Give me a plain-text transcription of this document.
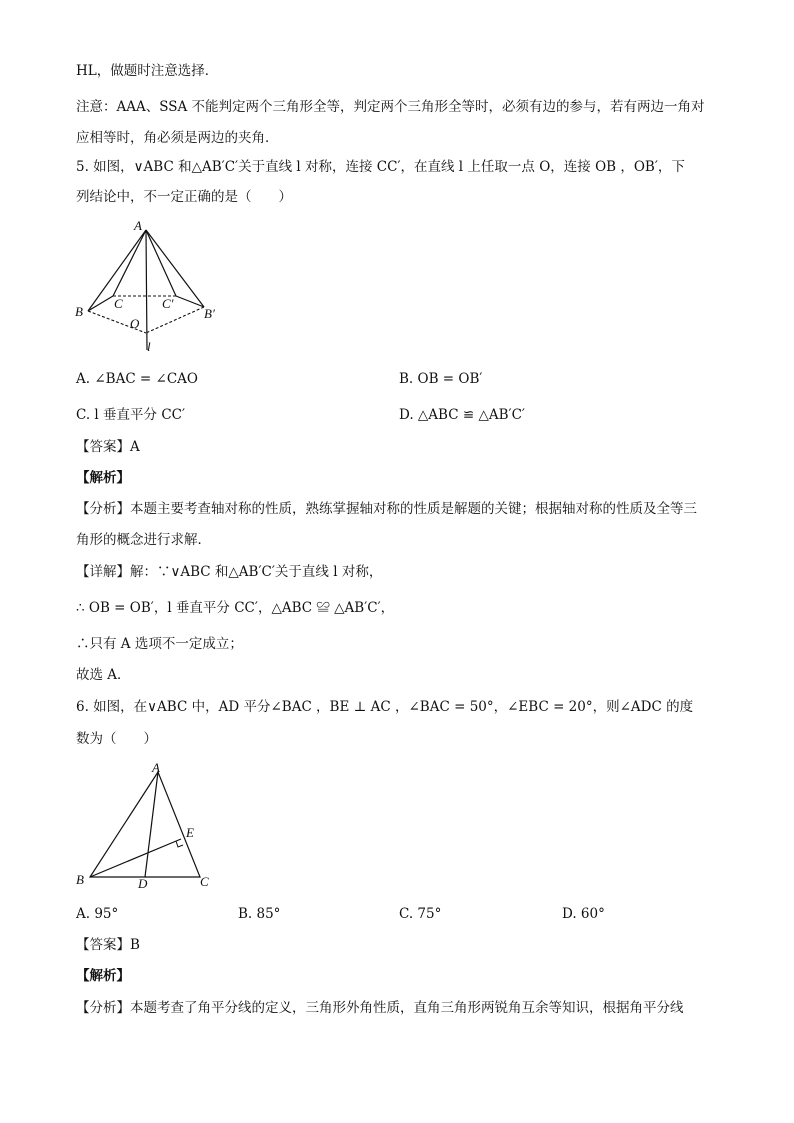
HL，做题时注意选择．
注意：AAA、SSA 不能判定两个三角形全等，判定两个三角形全等时，必须有边的参与，若有两边一角对
应相等时，角必须是两边的夹角．
5. 如图，∨ABC 和△AB′C′关于直线 l 对称，连接 CC′，在直线 l 上任取一点 O，连接 OB ，OB′，下
列结论中，不一定正确的是（　　）
A
B
C	C′
B′
O
l
A. ∠BAC = ∠CAO	B. OB = OB′
C. l 垂直平分 CC′	D. △ABC ≌ △AB′C′
【答案】A
【解析】
【分析】本题主要考查轴对称的性质，熟练掌握轴对称的性质是解题的关键；根据轴对称的性质及全等三
角形的概念进行求解．
【详解】解：∵∨ABC 和△AB′C′关于直线 l 对称，
∴ OB = OB′，l 垂直平分 CC′，△ABC ≌ △AB′C′，
∴只有 A 选项不一定成立；
故选 A．
6. 如图，在∨ABC 中，AD 平分∠BAC ，BE ⊥ AC ，∠BAC = 50°，∠EBC = 20°，则∠ADC 的度
数为（　　）
A
B	C
D
E
A. 95°	B. 85°	C. 75°	D. 60°
【答案】B
【解析】
【分析】本题考查了角平分线的定义，三角形外角性质，直角三角形两锐角互余等知识，根据角平分线
